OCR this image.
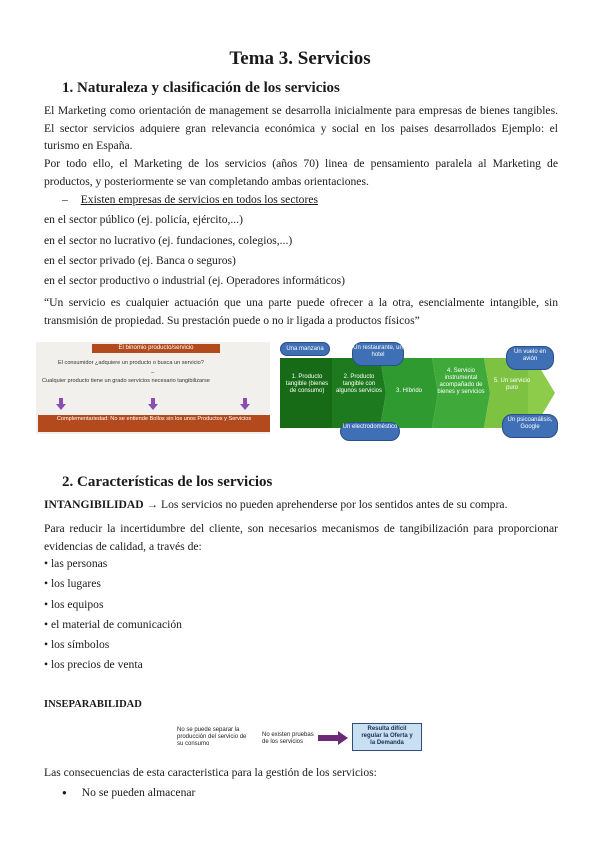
Tema 3. Servicios
1. Naturaleza y clasificación de los servicios
El Marketing como orientación de management se desarrolla inicialmente para empresas de bienes tangibles. El sector servicios adquiere gran relevancia económica y social en los paises desarrollados Ejemplo: el turismo en España.
Por todo ello, el Marketing de los servicios (años 70) linea de pensamiento paralela al Marketing de productos, y posteriormente se van completando ambas orientaciones.
– Existen empresas de servicios en todos los sectores
en el sector público (ej. policía, ejército,...)
en el sector no lucrativo (ej. fundaciones, colegios,...)
en el sector privado (ej. Banca o seguros)
en el sector productivo o industrial (ej. Operadores informáticos)
“Un servicio es cualquier actuación que una parte puede ofrecer a la otra, esencialmente intangible, sin transmisión de propiedad. Su prestación puede o no ir ligada a productos físicos”
El binomio producto/servicio
El consumidor ¿adquiere un producto o busca un servicio?
–
Cualquier producto tiene un grado servicios necesario tangibilizarse
Complementariedad: No se entiende Bollos sin los unos Productos y Servicios
1. Producto tangible (bienes de consumo)
2. Producto tangible con algunos servicios	3. Híbrido
4. Servicio instrumental acompañado de bienes y servicios
5. Un servicio puro
Una manzana	Un restaurante, un hotel	Un vuelo en avión
Un electrodoméstico
Un psicoanálisis, Google
2. Características de los servicios
INTANGIBILIDAD → Los servicios no pueden aprehenderse por los sentidos antes de su compra.
Para reducir la incertidumbre del cliente, son necesarios mecanismos de tangibilización para proporcionar evidencias de calidad, a través de:
• las personas
• los lugares
• los equipos
• el material de comunicación
• los símbolos
• los precios de venta
INSEPARABILIDAD
No se puede separar la
producción del servicio de
su consumo
No existen pruebas
de los servicios
Resulta difícil
regular la Oferta y
la Demanda
Las consecuencias de esta caracteristica para la gestión de los servicios:
● No se pueden almacenar
